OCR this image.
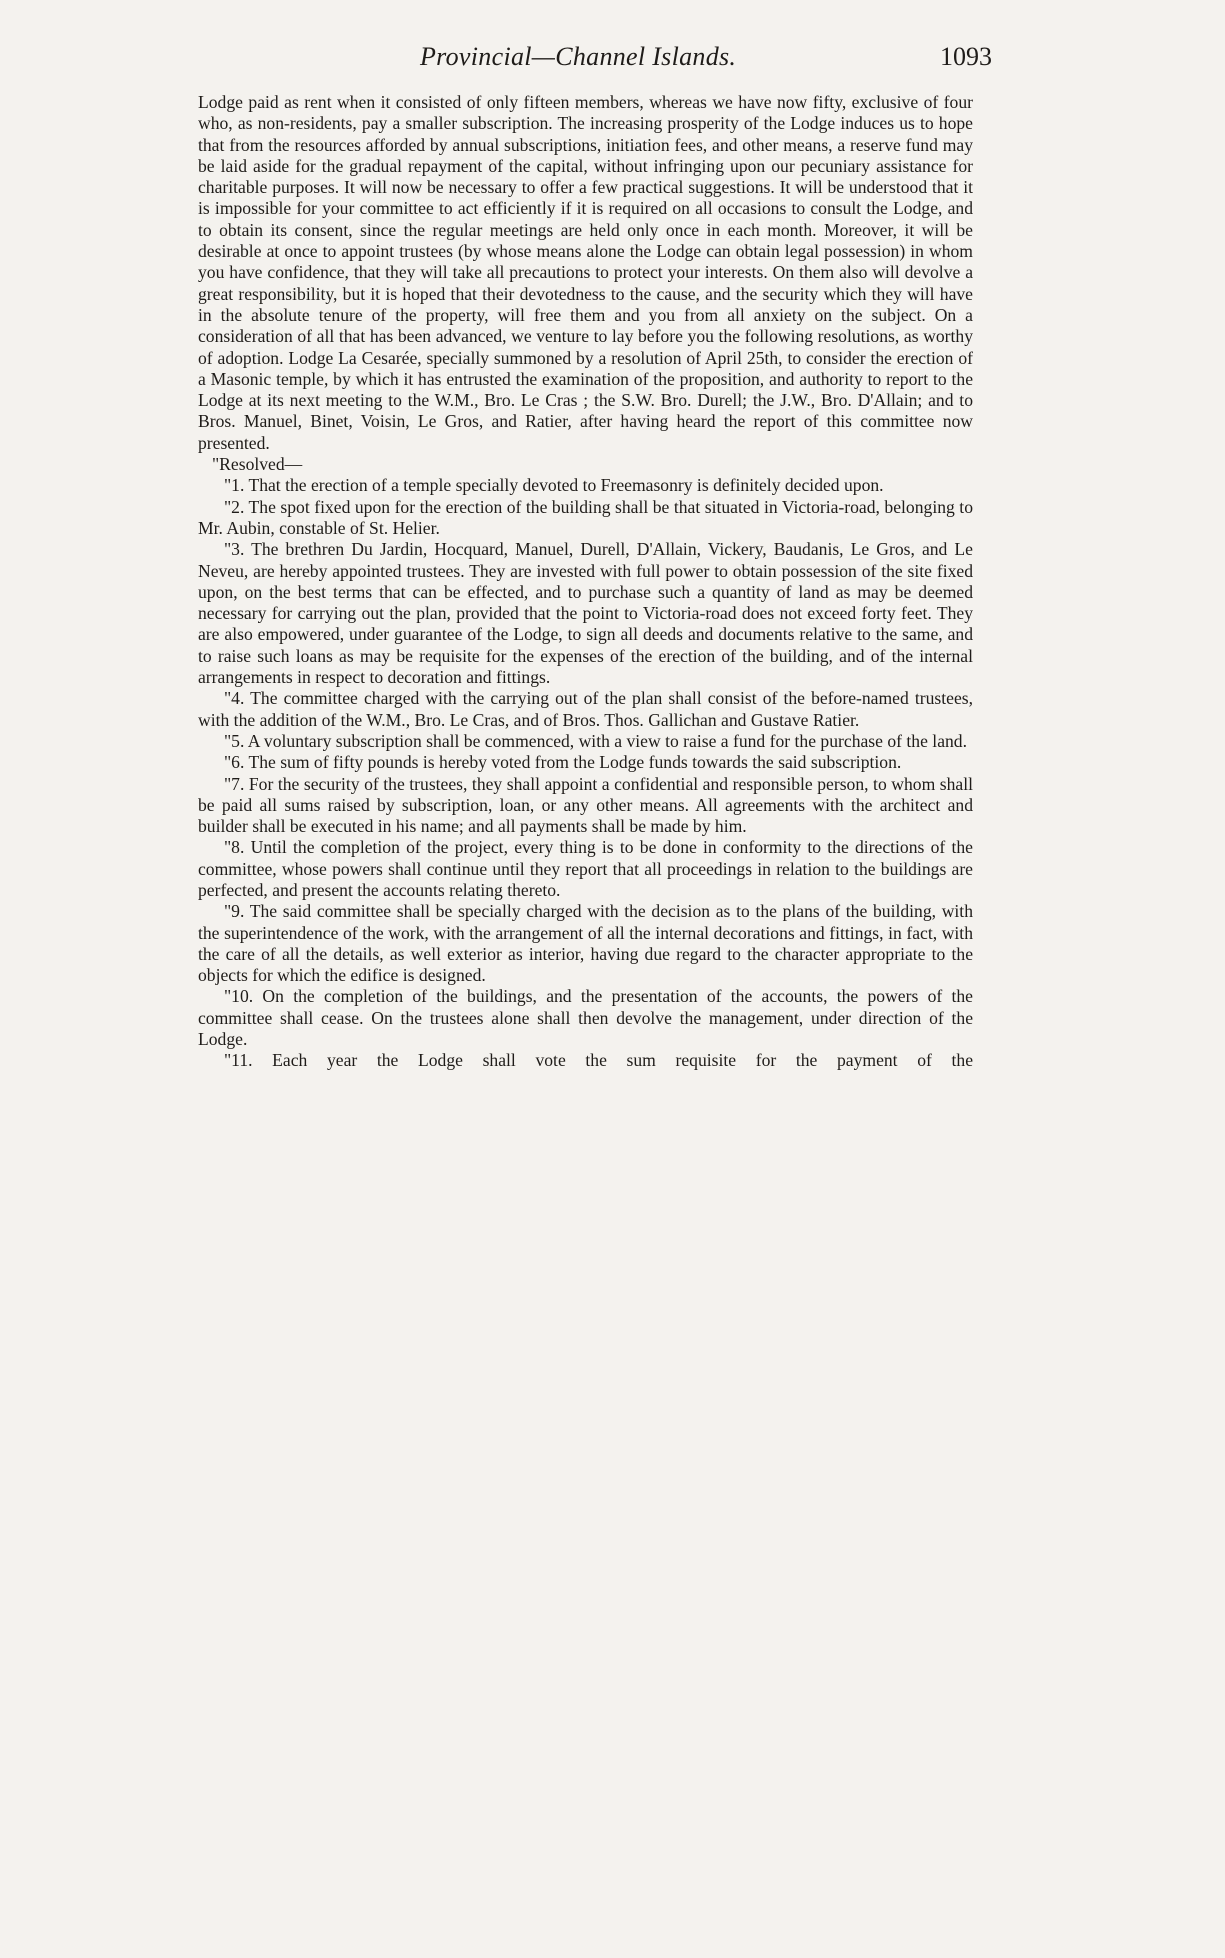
Provincial—Channel Islands.	1093

Lodge paid as rent when it consisted of only fifteen members, whereas we have now fifty, exclusive of four who, as non-residents, pay a smaller subscription. The increasing prosperity of the Lodge induces us to hope that from the resources afforded by annual subscriptions, initiation fees, and other means, a reserve fund may be laid aside for the gradual repayment of the capital, without infringing upon our pecuniary assistance for charitable purposes. It will now be necessary to offer a few practical suggestions. It will be understood that it is impossible for your committee to act efficiently if it is required on all occasions to consult the Lodge, and to obtain its consent, since the regular meetings are held only once in each month. Moreover, it will be desirable at once to appoint trustees (by whose means alone the Lodge can obtain legal possession) in whom you have confidence, that they will take all precautions to protect your interests. On them also will devolve a great responsibility, but it is hoped that their devotedness to the cause, and the security which they will have in the absolute tenure of the property, will free them and you from all anxiety on the subject. On a consideration of all that has been advanced, we venture to lay before you the following resolutions, as worthy of adoption. Lodge La Cesarée, specially summoned by a resolution of April 25th, to consider the erection of a Masonic temple, by which it has entrusted the examination of the proposition, and authority to report to the Lodge at its next meeting to the W.M., Bro. Le Cras ; the S.W. Bro. Durell; the J.W., Bro. D'Allain; and to Bros. Manuel, Binet, Voisin, Le Gros, and Ratier, after having heard the report of this committee now presented.

"Resolved—

"1. That the erection of a temple specially devoted to Freemasonry is definitely decided upon.

"2. The spot fixed upon for the erection of the building shall be that situated in Victoria-road, belonging to Mr. Aubin, constable of St. Helier.

"3. The brethren Du Jardin, Hocquard, Manuel, Durell, D'Allain, Vickery, Baudanis, Le Gros, and Le Neveu, are hereby appointed trustees. They are invested with full power to obtain possession of the site fixed upon, on the best terms that can be effected, and to purchase such a quantity of land as may be deemed necessary for carrying out the plan, provided that the point to Victoria-road does not exceed forty feet. They are also empowered, under guarantee of the Lodge, to sign all deeds and documents relative to the same, and to raise such loans as may be requisite for the expenses of the erection of the building, and of the internal arrangements in respect to decoration and fittings.

"4. The committee charged with the carrying out of the plan shall consist of the before-named trustees, with the addition of the W.M., Bro. Le Cras, and of Bros. Thos. Gallichan and Gustave Ratier.

"5. A voluntary subscription shall be commenced, with a view to raise a fund for the purchase of the land.

"6. The sum of fifty pounds is hereby voted from the Lodge funds towards the said subscription.

"7. For the security of the trustees, they shall appoint a confidential and responsible person, to whom shall be paid all sums raised by subscription, loan, or any other means. All agreements with the architect and builder shall be executed in his name; and all payments shall be made by him.

"8. Until the completion of the project, every thing is to be done in conformity to the directions of the committee, whose powers shall continue until they report that all proceedings in relation to the buildings are perfected, and present the accounts relating thereto.

"9. The said committee shall be specially charged with the decision as to the plans of the building, with the superintendence of the work, with the arrangement of all the internal decorations and fittings, in fact, with the care of all the details, as well exterior as interior, having due regard to the character appropriate to the objects for which the edifice is designed.

"10. On the completion of the buildings, and the presentation of the accounts, the powers of the committee shall cease. On the trustees alone shall then devolve the management, under direction of the Lodge.

"11. Each year the Lodge shall vote the sum requisite for the payment of the
